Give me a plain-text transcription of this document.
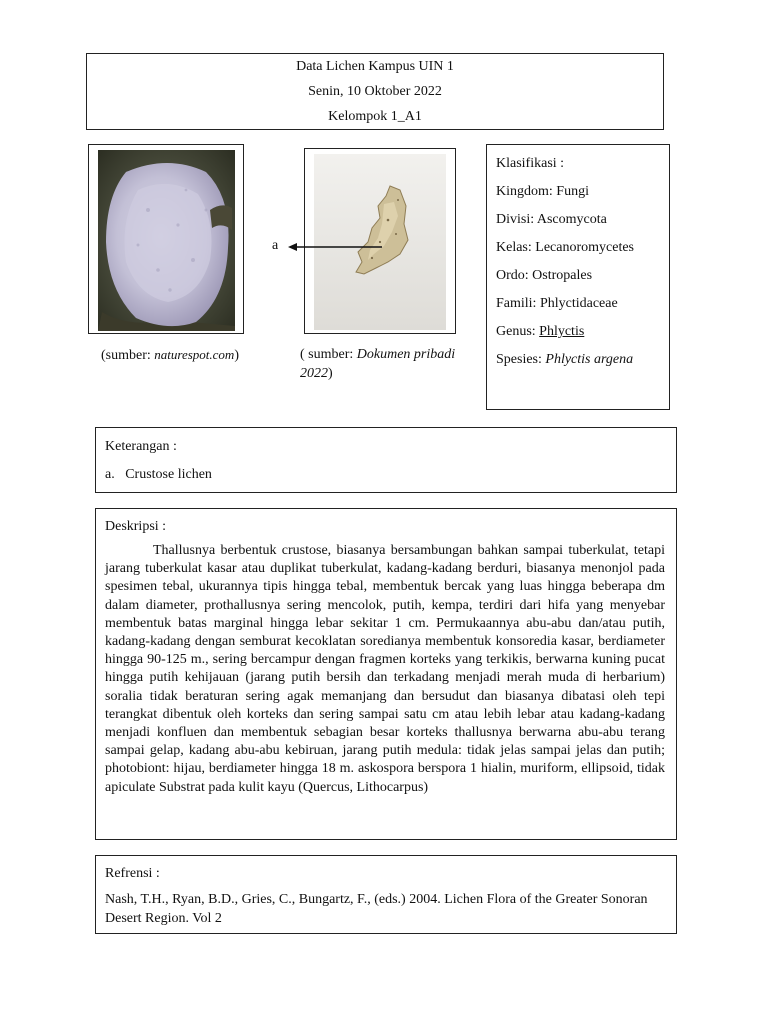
Data Lichen Kampus UIN 1
Senin, 10 Oktober 2022
Kelompok 1_A1
a
(sumber: naturespot.com)	( sumber: Dokumen pribadi 2022)
Klasifikasi :
Kingdom: Fungi
Divisi: Ascomycota
Kelas: Lecanoromycetes
Ordo: Ostropales
Famili: Phlyctidaceae
Genus: Phlyctis
Spesies: Phlyctis argena
Keterangan :
a.   Crustose lichen
Deskripsi :
Thallusnya berbentuk crustose, biasanya bersambungan bahkan sampai tuberkulat, tetapi jarang tuberkulat kasar atau duplikat tuberkulat, kadang-kadang berduri, biasanya menonjol pada spesimen tebal, ukurannya tipis hingga tebal, membentuk bercak yang luas hingga beberapa dm dalam diameter, prothallusnya sering mencolok, putih, kempa, terdiri dari hifa yang menyebar membentuk batas marginal hingga lebar sekitar 1 cm. Permukaannya abu-abu dan/atau putih, kadang-kadang dengan semburat kecoklatan soredianya membentuk konsoredia kasar, berdiameter hingga 90-125 m., sering bercampur dengan fragmen korteks yang terkikis, berwarna kuning pucat hingga putih kehijauan (jarang putih bersih dan terkadang menjadi merah muda di herbarium) soralia tidak beraturan sering agak memanjang dan bersudut dan biasanya dibatasi oleh tepi terangkat dibentuk oleh korteks dan sering sampai satu cm atau lebih lebar atau kadang-kadang menjadi konfluen dan membentuk sebagian besar korteks thallusnya berwarna abu-abu terang sampai gelap, kadang abu-abu kebiruan, jarang putih medula: tidak jelas sampai jelas dan putih; photobiont: hijau, berdiameter hingga 18 m. askospora berspora 1 hialin, muriform, ellipsoid, tidak apiculate Substrat pada kulit kayu (Quercus, Lithocarpus)
Refrensi :
Nash, T.H., Ryan, B.D., Gries, C., Bungartz, F., (eds.) 2004. Lichen Flora of the Greater Sonoran Desert Region. Vol 2
